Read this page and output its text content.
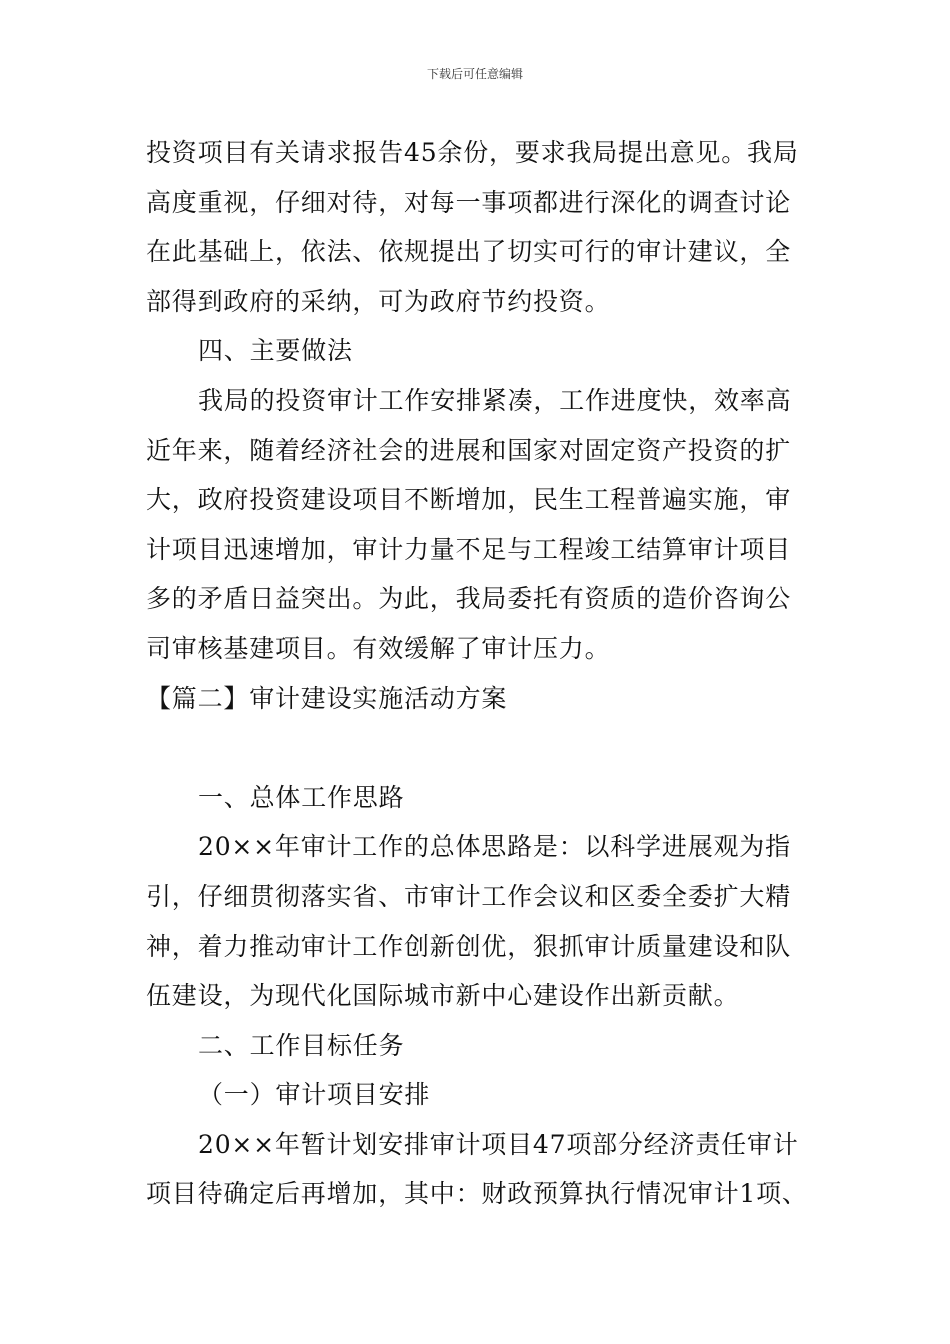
下载后可任意编辑
投资项目有关请求报告45余份，要求我局提出意见。我局
高度重视，仔细对待，对每一事项都进行深化的调查讨论
在此基础上，依法、依规提出了切实可行的审计建议，全
部得到政府的采纳，可为政府节约投资。
四、主要做法
我局的投资审计工作安排紧凑，工作进度快，效率高
近年来，随着经济社会的进展和国家对固定资产投资的扩
大，政府投资建设项目不断增加，民生工程普遍实施，审
计项目迅速增加，审计力量不足与工程竣工结算审计项目
多的矛盾日益突出。为此，我局委托有资质的造价咨询公
司审核基建项目。有效缓解了审计压力。
【篇二】审计建设实施活动方案
一、总体工作思路
20××年审计工作的总体思路是：以科学进展观为指
引，仔细贯彻落实省、市审计工作会议和区委全委扩大精
神，着力推动审计工作创新创优，狠抓审计质量建设和队
伍建设，为现代化国际城市新中心建设作出新贡献。
二、工作目标任务
（一）审计项目安排
20××年暂计划安排审计项目47项部分经济责任审计
项目待确定后再增加，其中：财政预算执行情况审计1项、
